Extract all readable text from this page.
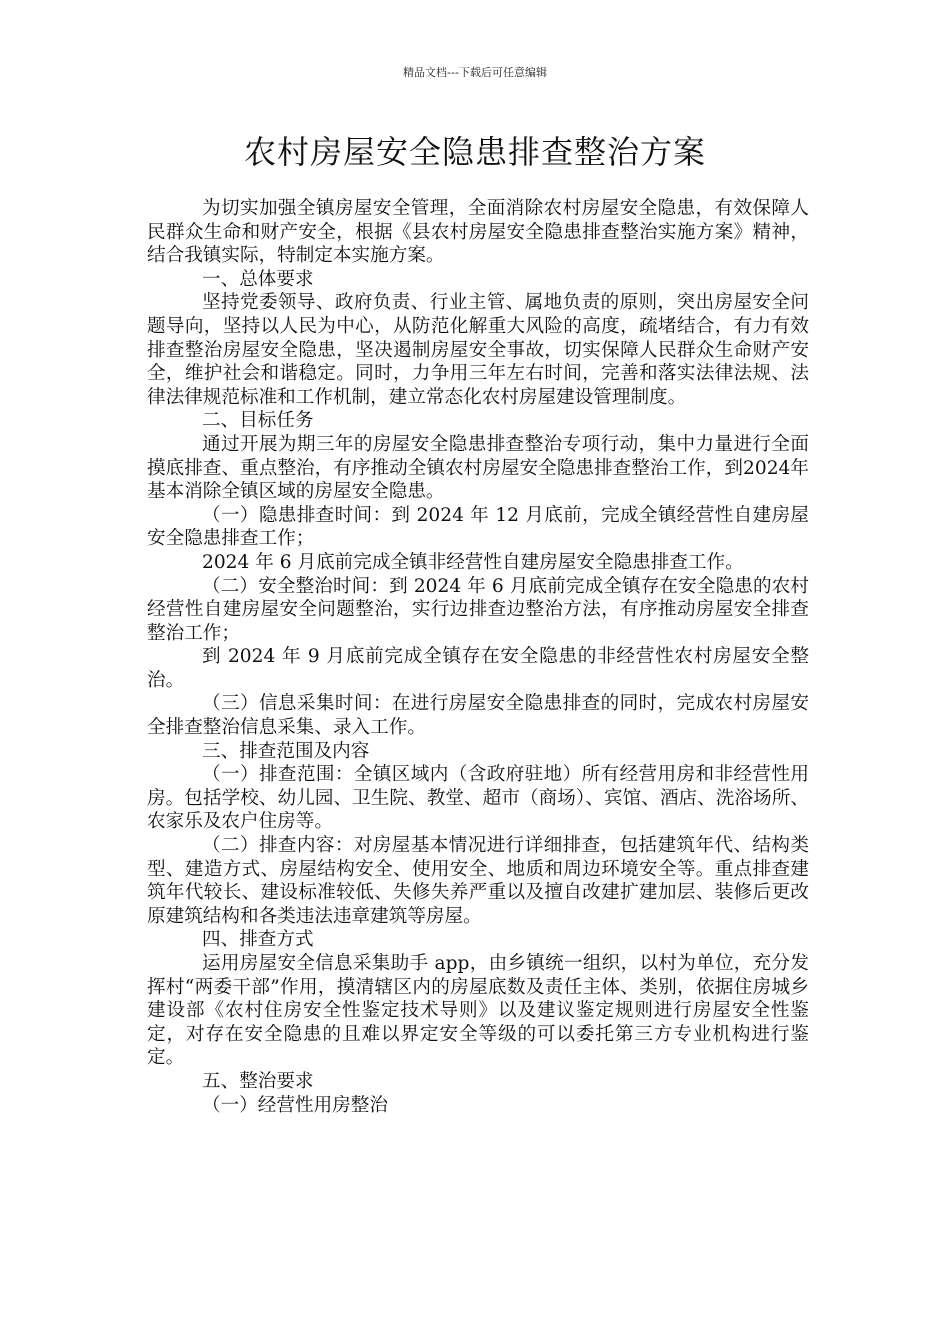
精品文档---下载后可任意编辑
农村房屋安全隐患排查整治方案

为切实加强全镇房屋安全管理，全面消除农村房屋安全隐患，有效保障人民群众生命和财产安全，根据《县农村房屋安全隐患排查整治实施方案》精神，结合我镇实际，特制定本实施方案。

一、总体要求

坚持党委领导、政府负责、行业主管、属地负责的原则，突出房屋安全问题导向，坚持以人民为中心，从防范化解重大风险的高度，疏堵结合，有力有效排查整治房屋安全隐患，坚决遏制房屋安全事故，切实保障人民群众生命财产安全，维护社会和谐稳定。同时，力争用三年左右时间，完善和落实法律法规、法律法律规范标准和工作机制，建立常态化农村房屋建设管理制度。

二、目标任务

通过开展为期三年的房屋安全隐患排查整治专项行动，集中力量进行全面摸底排查、重点整治，有序推动全镇农村房屋安全隐患排查整治工作，到2024年基本消除全镇区域的房屋安全隐患。

（一）隐患排查时间：到 2024 年 12 月底前，完成全镇经营性自建房屋安全隐患排查工作；

2024 年 6 月底前完成全镇非经营性自建房屋安全隐患排查工作。

（二）安全整治时间：到 2024 年 6 月底前完成全镇存在安全隐患的农村经营性自建房屋安全问题整治，实行边排查边整治方法，有序推动房屋安全排查整治工作；

到 2024 年 9 月底前完成全镇存在安全隐患的非经营性农村房屋安全整治。

（三）信息采集时间：在进行房屋安全隐患排查的同时，完成农村房屋安全排查整治信息采集、录入工作。

三、排查范围及内容

（一）排查范围：全镇区域内（含政府驻地）所有经营用房和非经营性用房。包括学校、幼儿园、卫生院、教堂、超市（商场）、宾馆、酒店、洗浴场所、农家乐及农户住房等。

（二）排查内容：对房屋基本情况进行详细排查，包括建筑年代、结构类型、建造方式、房屋结构安全、使用安全、地质和周边环境安全等。重点排查建筑年代较长、建设标准较低、失修失养严重以及擅自改建扩建加层、装修后更改原建筑结构和各类违法违章建筑等房屋。

四、排查方式

运用房屋安全信息采集助手 app，由乡镇统一组织，以村为单位，充分发挥村“两委干部”作用，摸清辖区内的房屋底数及责任主体、类别，依据住房城乡建设部《农村住房安全性鉴定技术导则》以及建议鉴定规则进行房屋安全性鉴定，对存在安全隐患的且难以界定安全等级的可以委托第三方专业机构进行鉴定。

五、整治要求

（一）经营性用房整治
